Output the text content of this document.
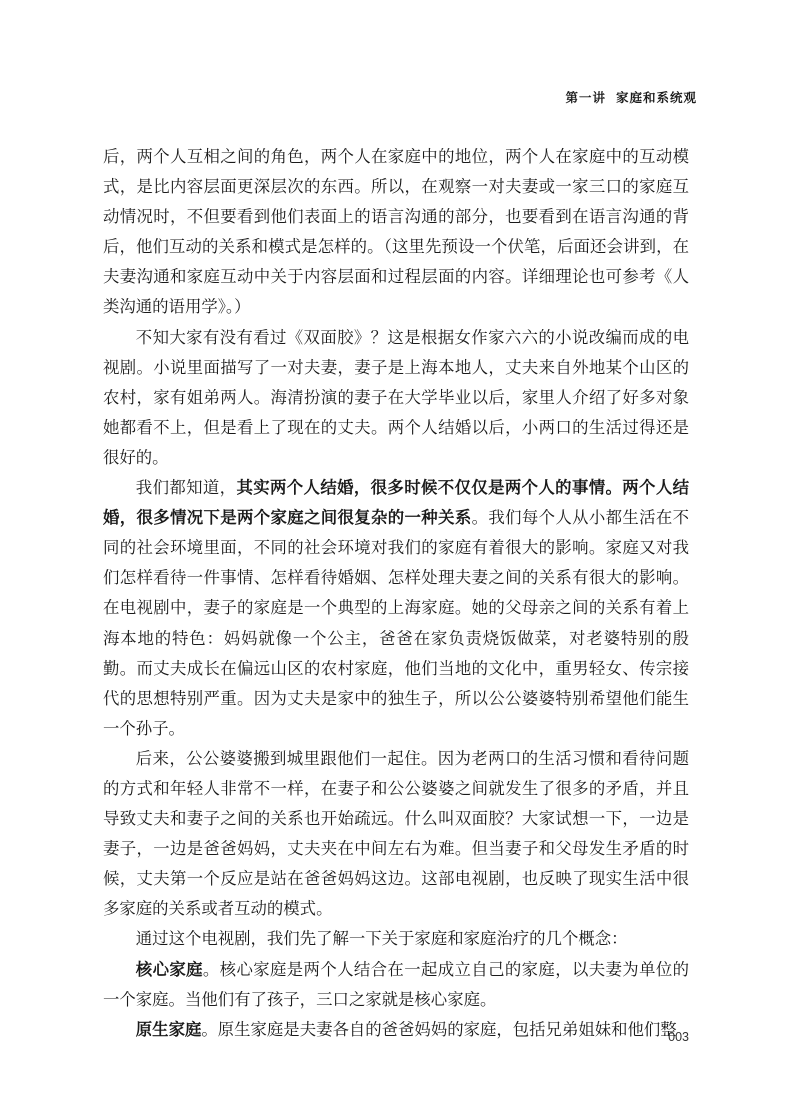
第一讲 家庭和系统观

后，两个人互相之间的角色，两个人在家庭中的地位，两个人在家庭中的互动模式，是比内容层面更深层次的东西。所以，在观察一对夫妻或一家三口的家庭互动情况时，不但要看到他们表面上的语言沟通的部分，也要看到在语言沟通的背后，他们互动的关系和模式是怎样的。（这里先预设一个伏笔，后面还会讲到，在夫妻沟通和家庭互动中关于内容层面和过程层面的内容。详细理论也可参考《人类沟通的语用学》。）

不知大家有没有看过《双面胶》？这是根据女作家六六的小说改编而成的电视剧。小说里面描写了一对夫妻，妻子是上海本地人，丈夫来自外地某个山区的农村，家有姐弟两人。海清扮演的妻子在大学毕业以后，家里人介绍了好多对象她都看不上，但是看上了现在的丈夫。两个人结婚以后，小两口的生活过得还是很好的。

我们都知道，其实两个人结婚，很多时候不仅仅是两个人的事情。两个人结婚，很多情况下是两个家庭之间很复杂的一种关系。我们每个人从小都生活在不同的社会环境里面，不同的社会环境对我们的家庭有着很大的影响。家庭又对我们怎样看待一件事情、怎样看待婚姻、怎样处理夫妻之间的关系有很大的影响。在电视剧中，妻子的家庭是一个典型的上海家庭。她的父母亲之间的关系有着上海本地的特色：妈妈就像一个公主，爸爸在家负责烧饭做菜，对老婆特别的殷勤。而丈夫成长在偏远山区的农村家庭，他们当地的文化中，重男轻女、传宗接代的思想特别严重。因为丈夫是家中的独生子，所以公公婆婆特别希望他们能生一个孙子。

后来，公公婆婆搬到城里跟他们一起住。因为老两口的生活习惯和看待问题的方式和年轻人非常不一样，在妻子和公公婆婆之间就发生了很多的矛盾，并且导致丈夫和妻子之间的关系也开始疏远。什么叫双面胶？大家试想一下，一边是妻子，一边是爸爸妈妈，丈夫夹在中间左右为难。但当妻子和父母发生矛盾的时候，丈夫第一个反应是站在爸爸妈妈这边。这部电视剧，也反映了现实生活中很多家庭的关系或者互动的模式。

通过这个电视剧，我们先了解一下关于家庭和家庭治疗的几个概念：

核心家庭。核心家庭是两个人结合在一起成立自己的家庭，以夫妻为单位的一个家庭。当他们有了孩子，三口之家就是核心家庭。

原生家庭。原生家庭是夫妻各自的爸爸妈妈的家庭，包括兄弟姐妹和他们整

003
